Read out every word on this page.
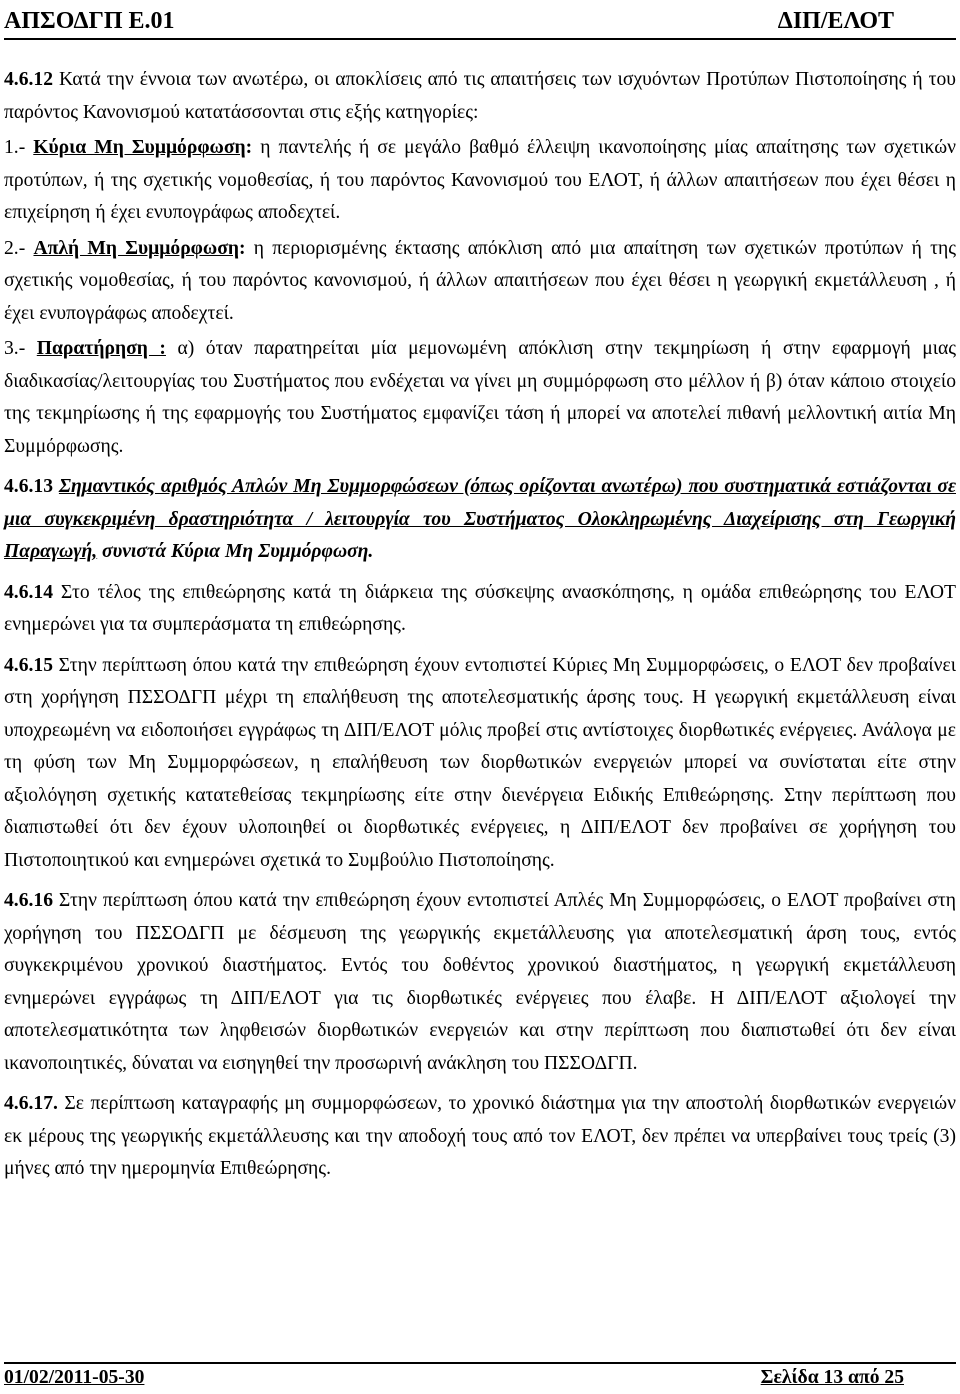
ΑΠΣΟΔΓΠ Ε.01	ΔΙΠ/ΕΛΟΤ

4.6.12 Κατά την έννοια των ανωτέρω, οι αποκλίσεις από τις απαιτήσεις των ισχυόντων Προτύπων Πιστοποίησης ή του παρόντος Κανονισμού κατατάσσονται στις εξής κατηγορίες:

1.- Κύρια Μη Συμμόρφωση: η παντελής ή σε μεγάλο βαθμό έλλειψη ικανοποίησης μίας απαίτησης των σχετικών προτύπων, ή της σχετικής νομοθεσίας, ή του παρόντος Κανονισμού του ΕΛΟΤ, ή άλλων απαιτήσεων που έχει θέσει η επιχείρηση ή έχει ενυπογράφως αποδεχτεί.

2.- Απλή Μη Συμμόρφωση: η περιορισμένης έκτασης απόκλιση από μια απαίτηση των σχετικών προτύπων ή της σχετικής νομοθεσίας, ή του παρόντος κανονισμού, ή άλλων απαιτήσεων που έχει θέσει η γεωργική εκμετάλλευση , ή έχει ενυπογράφως αποδεχτεί.

3.- Παρατήρηση : α) όταν παρατηρείται μία μεμονωμένη απόκλιση στην τεκμηρίωση ή στην εφαρμογή μιας διαδικασίας/λειτουργίας του Συστήματος που ενδέχεται να γίνει μη συμμόρφωση στο μέλλον ή β) όταν κάποιο στοιχείο της τεκμηρίωσης ή της εφαρμογής του Συστήματος εμφανίζει τάση ή μπορεί να αποτελεί πιθανή μελλοντική αιτία Μη Συμμόρφωσης.

4.6.13 Σημαντικός αριθμός Απλών Μη Συμμορφώσεων (όπως ορίζονται ανωτέρω) που συστηματικά εστιάζονται σε μια συγκεκριμένη δραστηριότητα / λειτουργία του Συστήματος Ολοκληρωμένης Διαχείρισης στη Γεωργική Παραγωγή, συνιστά Κύρια Μη Συμμόρφωση.

4.6.14 Στο τέλος της επιθεώρησης κατά τη διάρκεια της σύσκεψης ανασκόπησης, η ομάδα επιθεώρησης του ΕΛΟΤ ενημερώνει για τα συμπεράσματα τη επιθεώρησης.

4.6.15 Στην περίπτωση όπου κατά την επιθεώρηση έχουν εντοπιστεί Κύριες Μη Συμμορφώσεις, ο ΕΛΟΤ δεν προβαίνει στη χορήγηση ΠΣΣΟΔΓΠ μέχρι τη επαλήθευση της αποτελεσματικής άρσης τους. Η γεωργική εκμετάλλευση είναι υποχρεωμένη να ειδοποιήσει εγγράφως τη ΔΙΠ/ΕΛΟΤ μόλις προβεί στις αντίστοιχες διορθωτικές ενέργειες. Ανάλογα με τη φύση των Μη Συμμορφώσεων, η επαλήθευση των διορθωτικών ενεργειών μπορεί να συνίσταται είτε στην αξιολόγηση σχετικής κατατεθείσας τεκμηρίωσης είτε στην διενέργεια Ειδικής Επιθεώρησης. Στην περίπτωση που διαπιστωθεί ότι δεν έχουν υλοποιηθεί οι διορθωτικές ενέργειες, η ΔΙΠ/ΕΛΟΤ δεν προβαίνει σε χορήγηση του Πιστοποιητικού και ενημερώνει σχετικά το Συμβούλιο Πιστοποίησης.

4.6.16 Στην περίπτωση όπου κατά την επιθεώρηση έχουν εντοπιστεί Απλές Μη Συμμορφώσεις, ο ΕΛΟΤ προβαίνει στη χορήγηση του ΠΣΣΟΔΓΠ με δέσμευση της γεωργικής εκμετάλλευσης για αποτελεσματική άρση τους, εντός συγκεκριμένου χρονικού διαστήματος. Εντός του δοθέντος χρονικού διαστήματος, η γεωργική εκμετάλλευση ενημερώνει εγγράφως τη ΔΙΠ/ΕΛΟΤ για τις διορθωτικές ενέργειες που έλαβε. Η ΔΙΠ/ΕΛΟΤ αξιολογεί την αποτελεσματικότητα των ληφθεισών διορθωτικών ενεργειών και στην περίπτωση που διαπιστωθεί ότι δεν είναι ικανοποιητικές, δύναται να εισηγηθεί την προσωρινή ανάκληση του ΠΣΣΟΔΓΠ.

4.6.17. Σε περίπτωση καταγραφής μη συμμορφώσεων, το χρονικό διάστημα για την αποστολή διορθωτικών ενεργειών εκ μέρους της γεωργικής εκμετάλλευσης και την αποδοχή τους από τον ΕΛΟΤ, δεν πρέπει να υπερβαίνει τους τρείς (3) μήνες από την ημερομηνία Επιθεώρησης.

01/02/2011-05-30	Σελίδα 13 από 25
